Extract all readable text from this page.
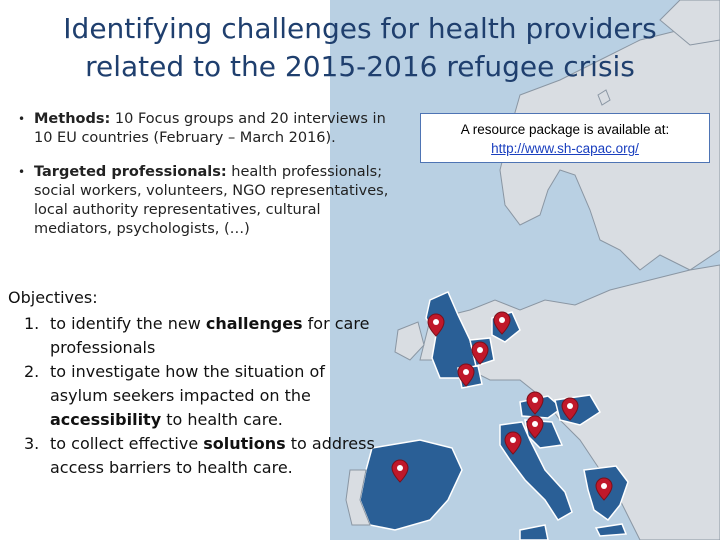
Identifying challenges for health providers
related to the 2015-2016 refugee crisis
• Methods: 10 Focus groups and 20 interviews in 10 EU countries (February – March 2016).
• Targeted professionals: health professionals; social workers, volunteers, NGO representatives, local authority representatives, cultural mediators, psychologists, (…)
Objectives:
1. to identify the new challenges for care professionals
2. to investigate how the situation of asylum seekers impacted on the accessibility to health care.
3. to collect effective solutions to address access barriers to health care.
A resource package is available at:
http://www.sh-capac.org/
